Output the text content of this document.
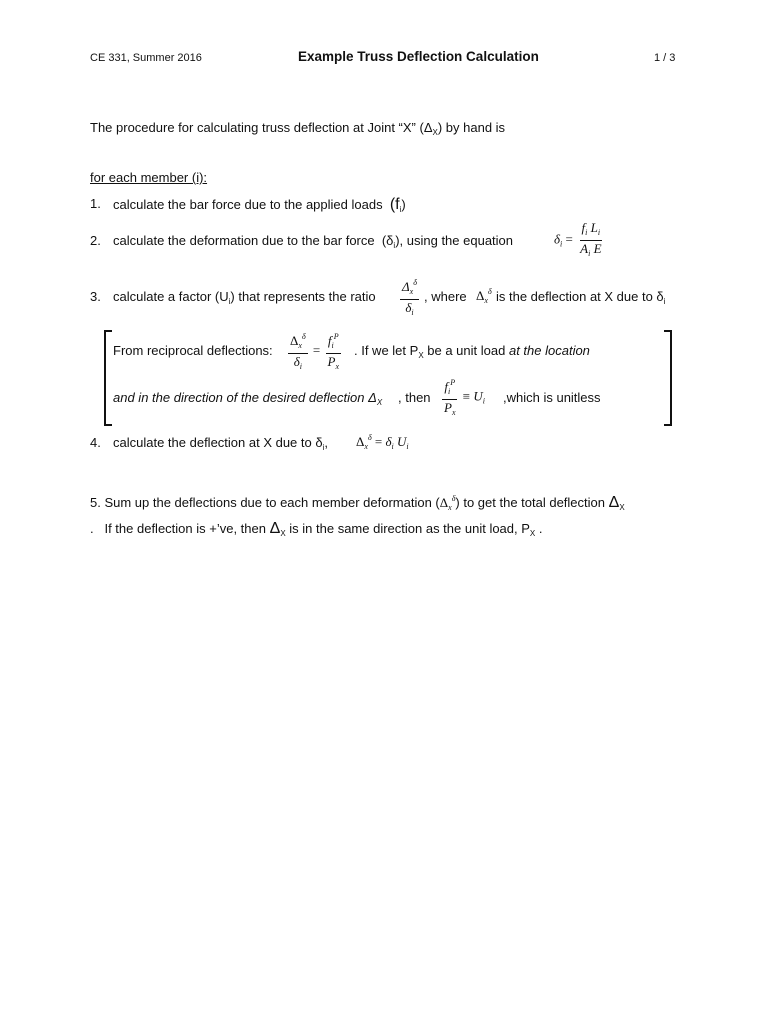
CE 331, Summer 2016	Example Truss Deflection Calculation	1 / 3
The procedure for calculating truss deflection at Joint “X” $(\Delta_X)$ by hand is
for each member (i):
1. calculate the bar force due to the applied loads $(f_i)$
2. calculate the deformation due to the bar force $(\delta_i)$, using the equation	$\delta_i = \frac{f_i L_i}{A_i E}$
3. calculate a factor $(U_i)$ that represents the ratio $\frac{\Delta_x^\delta}{\delta_i}$ , where $\Delta_x^\delta$ is the deflection at X due to $\delta_i$
From reciprocal deflections: $\frac{\Delta_x^\delta}{\delta_i} = \frac{f_i^P}{P_x}$ . If we let $P_X$ be a unit load at the location
and in the direction of the desired deflection $\Delta_X$ , then $\frac{f_i^P}{P_x} \equiv U_i$ ,which is unitless
4. calculate the deflection at X due to $\delta_i$, $\Delta_x^\delta = \delta_i$ $U_i$
5. Sum up the deflections due to each member deformation $(\Delta_x^\delta)$ to get the total deflection $\Delta_X$
. If the deflection is +’ve, then $\Delta_X$ is in the same direction as the unit load, $P_X$ .
